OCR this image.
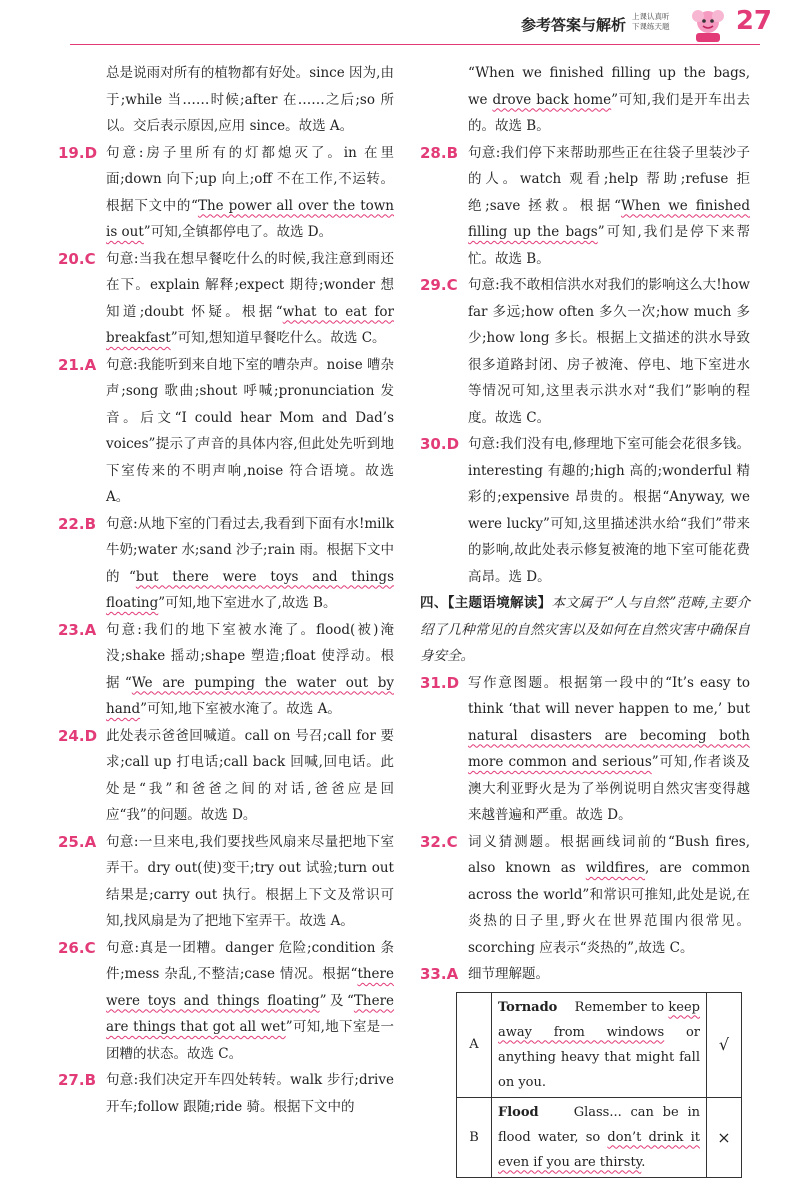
参考答案与解析 上课认真听 下课练天题	27

总是说雨对所有的植物都有好处。since 因为,由于;while 当……时候;after 在……之后;so 所以。交后表示原因,应用 since。故选 A。

19.D 句意:房子里所有的灯都熄灭了。in 在里面;down 向下;up 向上;off 不在工作,不运转。根据下文中的“The power all over the town is out”可知,全镇都停电了。故选 D。

20.C 句意:当我在想早餐吃什么的时候,我注意到雨还在下。explain 解释;expect 期待;wonder 想知道;doubt 怀疑。根据“what to eat for breakfast”可知,想知道早餐吃什么。故选 C。

21.A 句意:我能听到来自地下室的嘈杂声。noise 嘈杂声;song 歌曲;shout 呼喊;pronunciation 发音。后文“I could hear Mom and Dad’s voices”提示了声音的具体内容,但此处先听到地下室传来的不明声响,noise 符合语境。故选 A。

22.B 句意:从地下室的门看过去,我看到下面有水!milk 牛奶;water 水;sand 沙子;rain 雨。根据下文中的“but there were toys and things floating”可知,地下室进水了,故选 B。

23.A 句意:我们的地下室被水淹了。flood(被)淹没;shake 摇动;shape 塑造;float 使浮动。根据“We are pumping the water out by hand”可知,地下室被水淹了。故选 A。

24.D 此处表示爸爸回喊道。call on 号召;call for 要求;call up 打电话;call back 回喊,回电话。此处是“我”和爸爸之间的对话,爸爸应是回应“我”的问题。故选 D。

25.A 句意:一旦来电,我们要找些风扇来尽量把地下室弄干。dry out(使)变干;try out 试验;turn out 结果是;carry out 执行。根据上下文及常识可知,找风扇是为了把地下室弄干。故选 A。

26.C 句意:真是一团糟。danger 危险;condition 条件;mess 杂乱,不整洁;case 情况。根据“there were toys and things floating”及“There are things that got all wet”可知,地下室是一团糟的状态。故选 C。

27.B 句意:我们决定开车四处转转。walk 步行;drive 开车;follow 跟随;ride 骑。根据下文中的

“When we finished filling up the bags, we drove back home”可知,我们是开车出去的。故选 B。

28.B 句意:我们停下来帮助那些正在往袋子里装沙子的人。watch 观看;help 帮助;refuse 拒绝;save 拯救。根据“When we finished filling up the bags”可知,我们是停下来帮忙。故选 B。

29.C 句意:我不敢相信洪水对我们的影响这么大!how far 多远;how often 多久一次;how much 多少;how long 多长。根据上文描述的洪水导致很多道路封闭、房子被淹、停电、地下室进水等情况可知,这里表示洪水对“我们”影响的程度。故选 C。

30.D 句意:我们没有电,修理地下室可能会花很多钱。interesting 有趣的;high 高的;wonderful 精彩的;expensive 昂贵的。根据“Anyway, we were lucky”可知,这里描述洪水给“我们”带来的影响,故此处表示修复被淹的地下室可能花费高昂。选 D。

四、【主题语境解读】本文属于“人与自然”范畴,主要介绍了几种常见的自然灾害以及如何在自然灾害中确保自身安全。

31.D 写作意图题。根据第一段中的“It’s easy to think ‘that will never happen to me,’ but natural disasters are becoming both more common and serious”可知,作者谈及澳大利亚野火是为了举例说明自然灾害变得越来越普遍和严重。故选 D。

32.C 词义猜测题。根据画线词前的“Bush fires, also known as wildfires, are common across the world”和常识可推知,此处是说,在炎热的日子里,野火在世界范围内很常见。scorching 应表示“炎热的”,故选 C。

33.A 细节理解题。

A	Tornado Remember to keep away from windows or anything heavy that might fall on you.	√
B	Flood Glass... can be in flood water, so don’t drink it even if you are thirsty.	×
